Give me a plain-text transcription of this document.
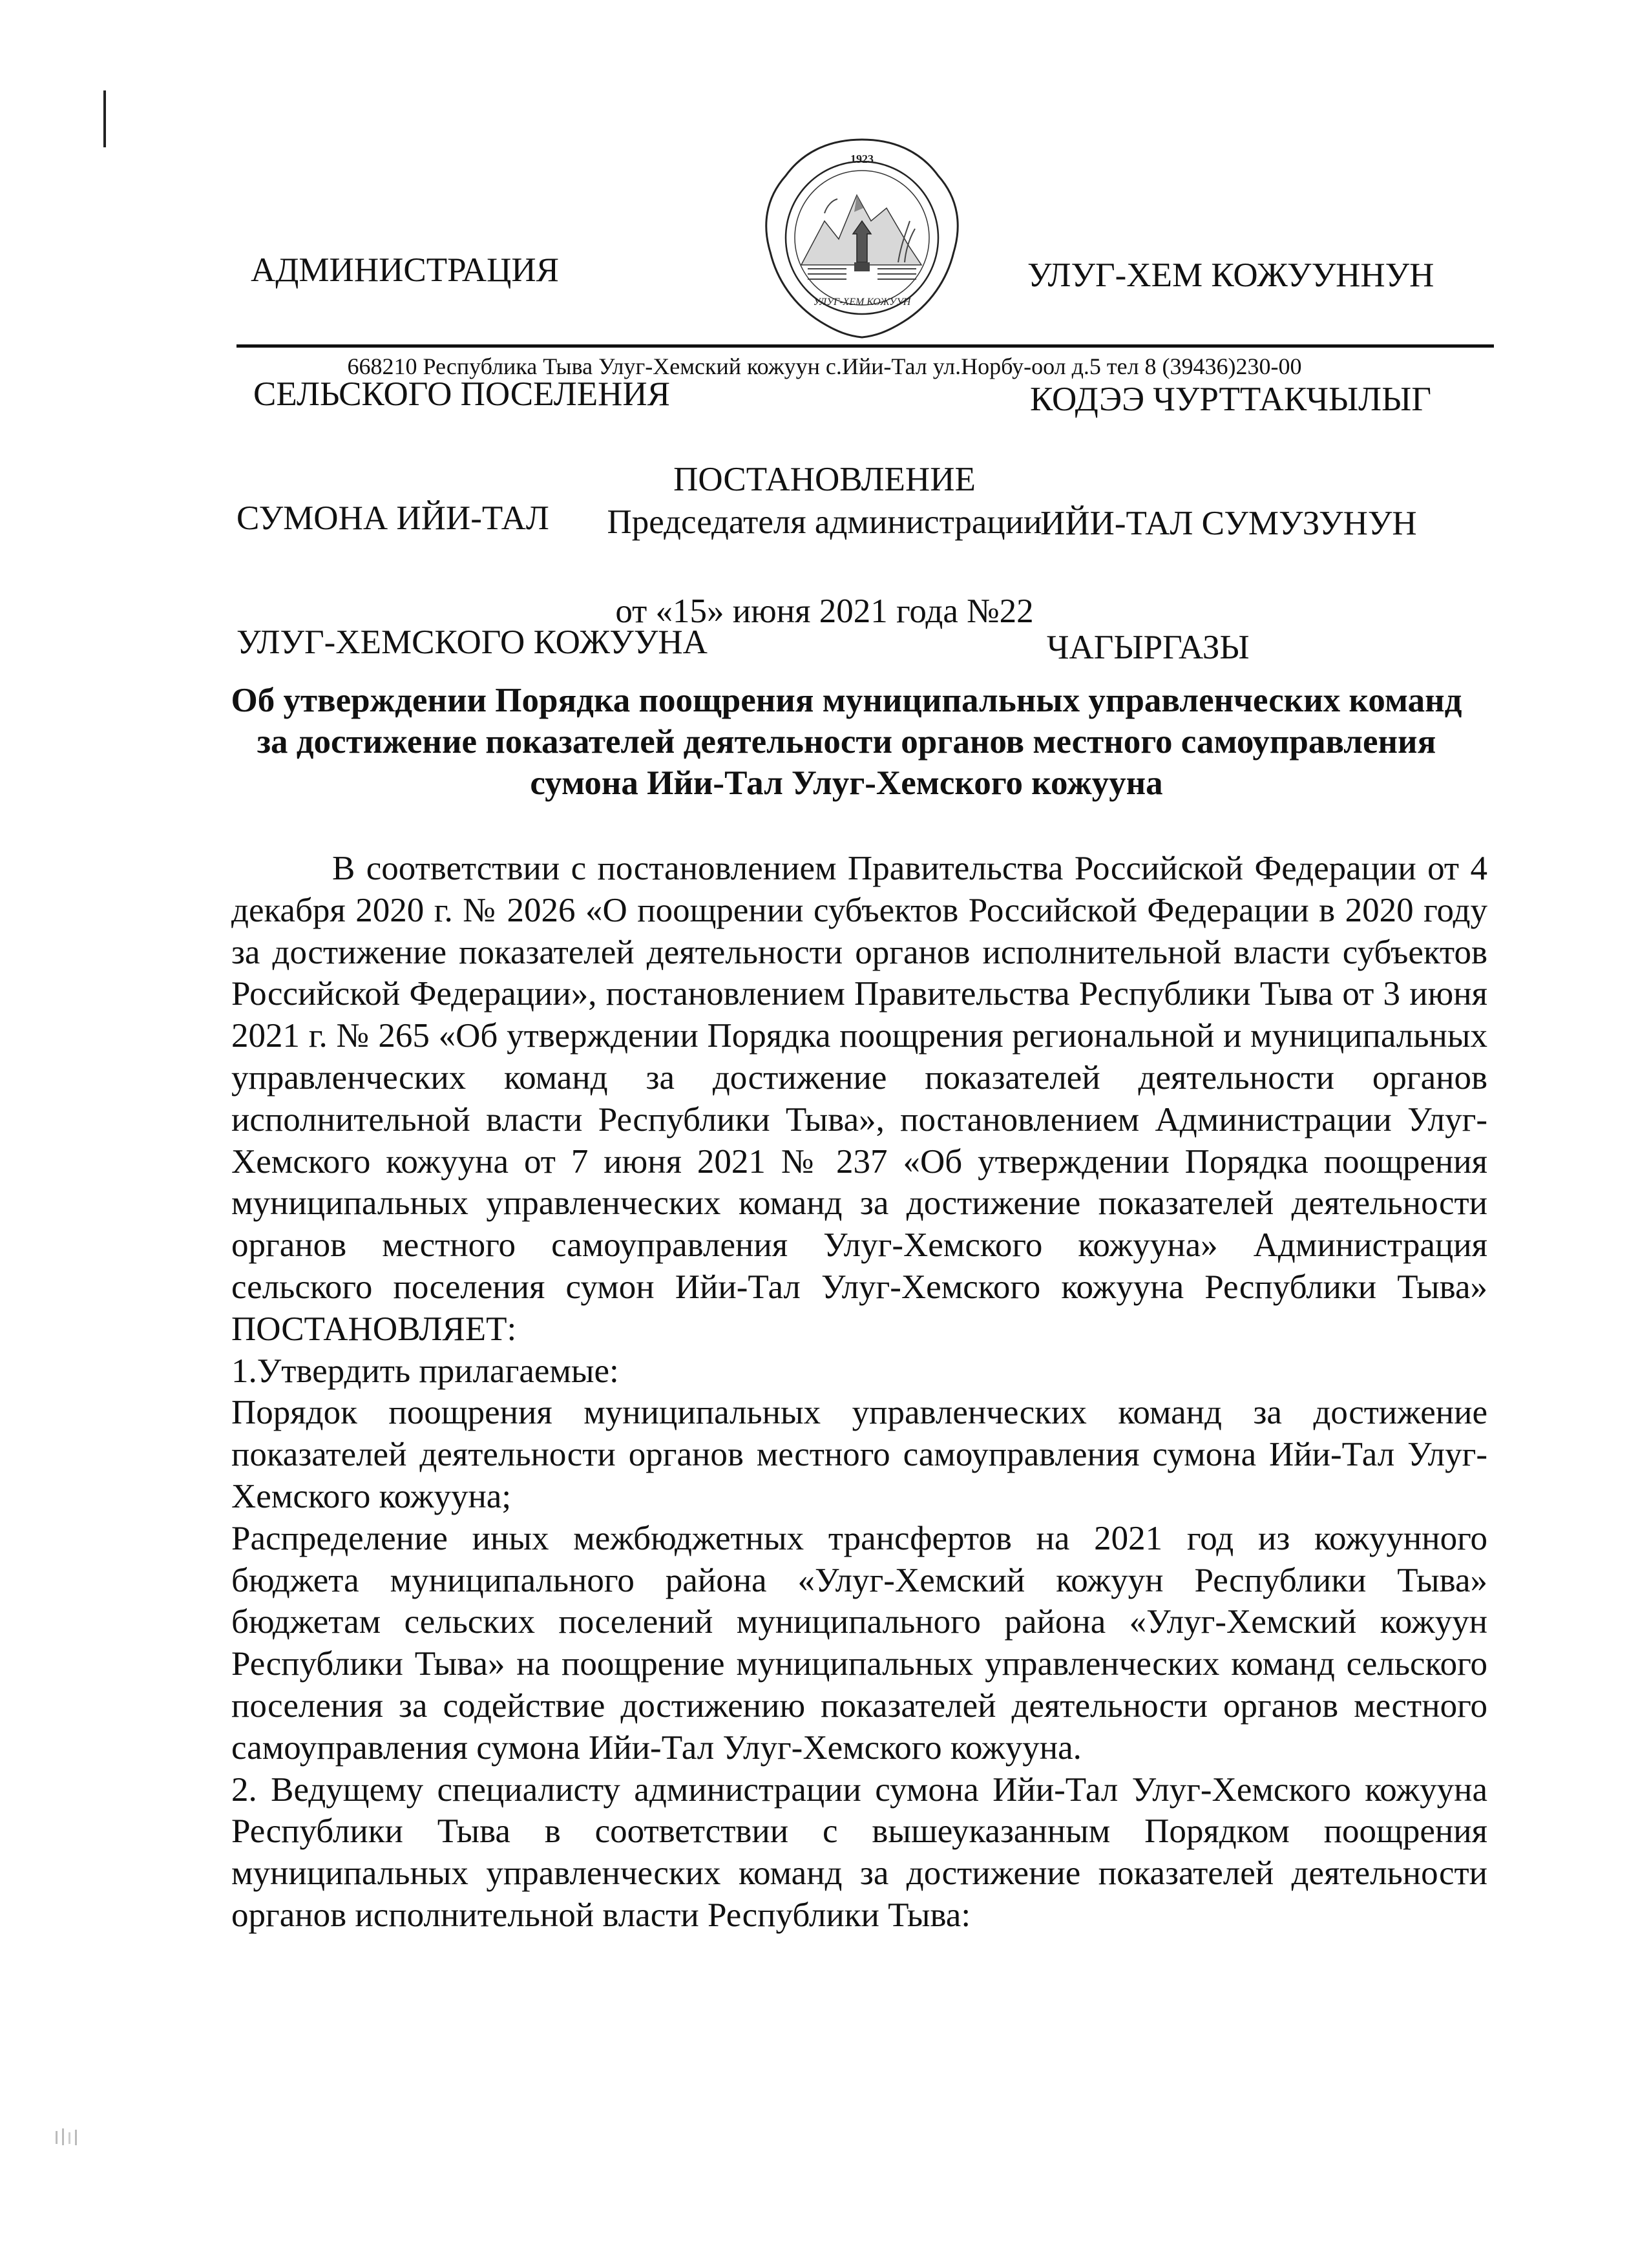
АДМИНИСТРАЦИЯ

СЕЛЬСКОГО ПОСЕЛЕНИЯ

СУМОНА ИЙИ-ТАЛ

УЛУГ-ХЕМСКОГО КОЖУУНА

1923
УЛУГ-ХЕМ КОЖУУН

УЛУГ-ХЕМ КОЖУУННУН

КОДЭЭ ЧУРТТАКЧЫЛЫГ

ИЙИ-ТАЛ СУМУЗУНУН

ЧАГЫРГАЗЫ

668210 Республика Тыва Улуг-Хемский кожуун с.Ийи-Тал ул.Норбу-оол д.5 тел 8 (39436)230-00
ПОСТАНОВЛЕНИЕ
Председателя администрации
от «15» июня 2021 года №22
Об утверждении Порядка поощрения муниципальных управленческих команд за достижение показателей деятельности органов местного самоуправления сумона Ийи-Тал Улуг-Хемского кожууна

В соответствии с постановлением Правительства Российской Федерации от 4 декабря 2020 г. № 2026 «О поощрении субъектов Российской Федерации в 2020 году за достижение показателей деятельности органов исполнительной власти субъектов Российской Федерации», постановлением Правительства Республики Тыва от 3 июня 2021 г. № 265 «Об утверждении Порядка поощрения региональной и муниципальных управленческих команд за достижение показателей деятельности органов исполнительной власти Республики Тыва», постановлением Администрации Улуг-Хемского кожууна от 7 июня 2021 № 237 «Об утверждении Порядка поощрения муниципальных управленческих команд за достижение показателей деятельности органов местного самоуправления Улуг-Хемского кожууна» Администрация сельского поселения сумон Ийи-Тал Улуг-Хемского кожууна Республики Тыва» ПОСТАНОВЛЯЕТ:

1.Утвердить прилагаемые:

Порядок поощрения муниципальных управленческих команд за достижение показателей деятельности органов местного самоуправления сумона Ийи-Тал Улуг-Хемского кожууна;

Распределение иных межбюджетных трансфертов на 2021 год из кожуунного бюджета муниципального района «Улуг-Хемский кожуун Республики Тыва» бюджетам сельских поселений муниципального района «Улуг-Хемский кожуун Республики Тыва» на поощрение муниципальных управленческих команд сельского поселения за содействие достижению показателей деятельности органов местного самоуправления сумона Ийи-Тал Улуг-Хемского кожууна.

2. Ведущему специалисту администрации сумона Ийи-Тал Улуг-Хемского кожууна Республики Тыва в соответствии с вышеуказанным Порядком поощрения муниципальных управленческих команд за достижение показателей деятельности органов исполнительной власти Республики Тыва:
